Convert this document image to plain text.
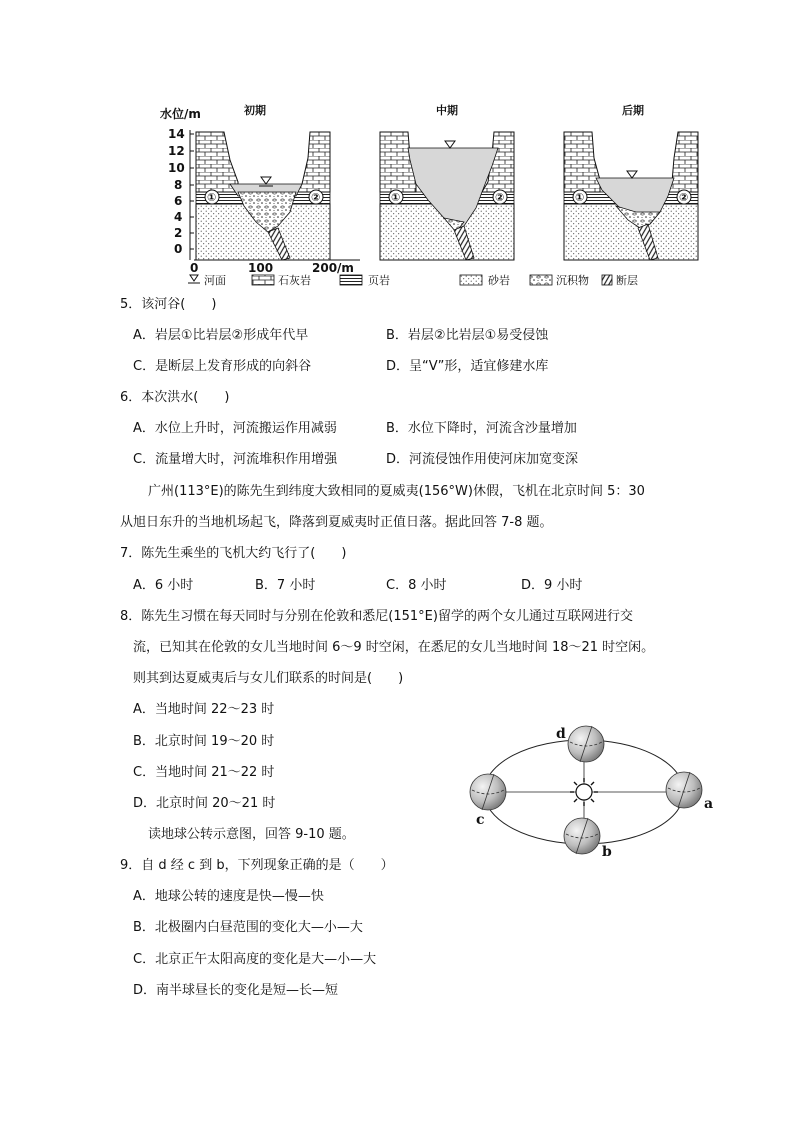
水位/m
14
12
10
8
6
4
2
0
初期
①	②
中期
①	②
后期
①	②
0	100	200/m
河面	石灰岩	页岩	砂岩	沉积物 断层
5．该河谷(　　)
A．岩层①比岩层②形成年代早	B．岩层②比岩层①易受侵蚀
C．是断层上发育形成的向斜谷	D．呈“V”形，适宜修建水库
6．本次洪水(　　)
A．水位上升时，河流搬运作用减弱	B．水位下降时，河流含沙量增加
C．流量增大时，河流堆积作用增强	D．河流侵蚀作用使河床加宽变深
广州(113°E)的陈先生到纬度大致相同的夏威夷(156°W)休假，飞机在北京时间 5：30
从旭日东升的当地机场起飞，降落到夏威夷时正值日落。据此回答 7-8 题。
7．陈先生乘坐的飞机大约飞行了(　　)
A．6 小时	B．7 小时	C．8 小时	D．9 小时
8．陈先生习惯在每天同时与分别在伦敦和悉尼(151°E)留学的两个女儿通过互联网进行交
流，已知其在伦敦的女儿当地时间 6～9 时空闲，在悉尼的女儿当地时间 18～21 时空闲。
则其到达夏威夷后与女儿们联系的时间是(　　)
A．当地时间 22～23 时
B．北京时间 19～20 时
C．当地时间 21～22 时
D．北京时间 20～21 时
读地球公转示意图，回答 9-10 题。
d
c
a
b
9．自 d 经 c 到 b，下列现象正确的是（　　）
A．地球公转的速度是快—慢—快
B．北极圈内白昼范围的变化大—小—大
C．北京正午太阳高度的变化是大—小—大
D．南半球昼长的变化是短—长—短
